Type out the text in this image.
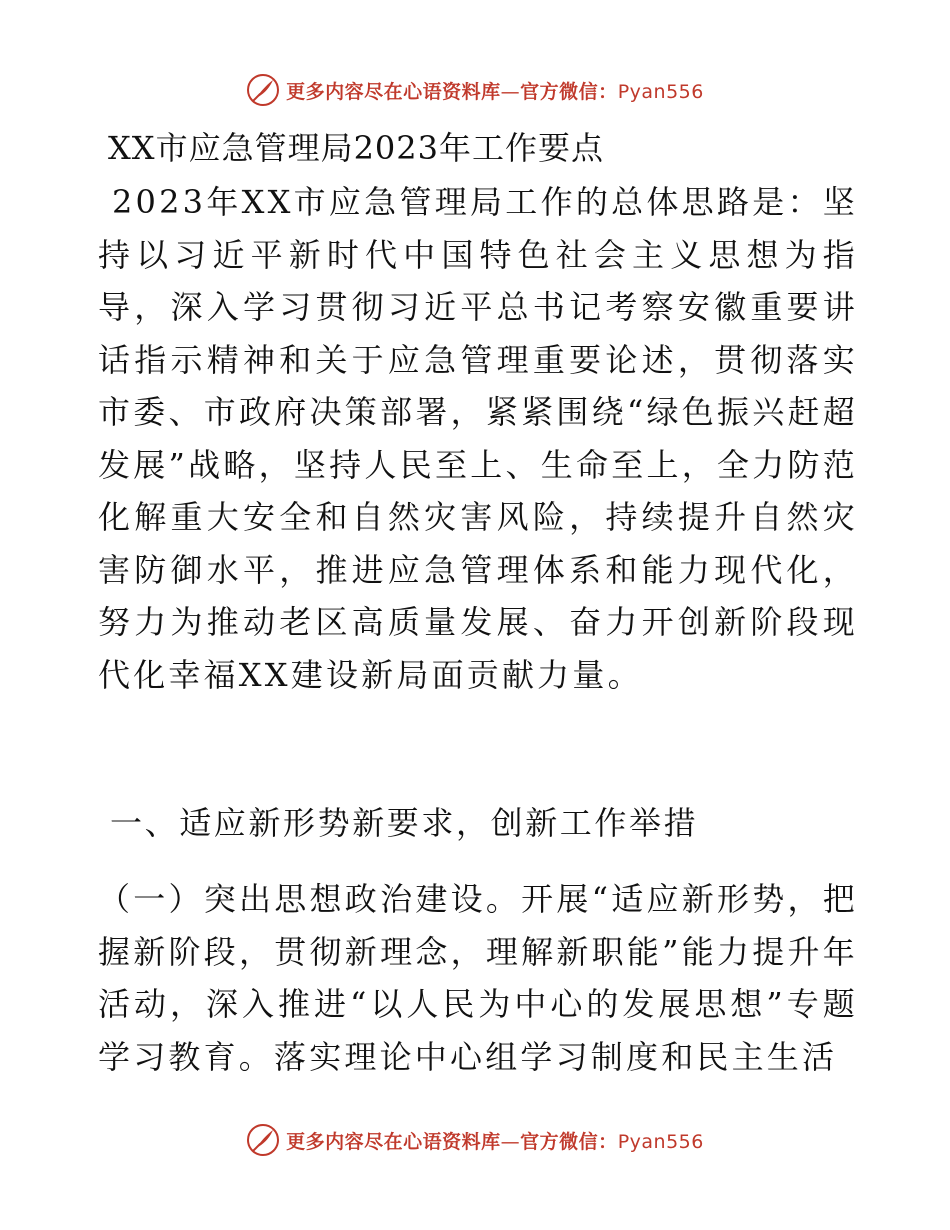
更多内容尽在心语资料库—官方微信：Pyan556
XX市应急管理局2023年工作要点

2023年XX市应急管理局工作的总体思路是：坚持以习近平新时代中国特色社会主义思想为指导，深入学习贯彻习近平总书记考察安徽重要讲话指示精神和关于应急管理重要论述，贯彻落实市委、市政府决策部署，紧紧围绕“绿色振兴赶超发展”战略，坚持人民至上、生命至上，全力防范化解重大安全和自然灾害风险，持续提升自然灾害防御水平，推进应急管理体系和能力现代化，努力为推动老区高质量发展、奋力开创新阶段现代化幸福XX建设新局面贡献力量。

一、适应新形势新要求，创新工作举措

（一）突出思想政治建设。开展“适应新形势，把握新阶段，贯彻新理念，理解新职能”能力提升年活动，深入推进“以人民为中心的发展思想”专题学习教育。落实理论中心组学习制度和民主生活

更多内容尽在心语资料库—官方微信：Pyan556
